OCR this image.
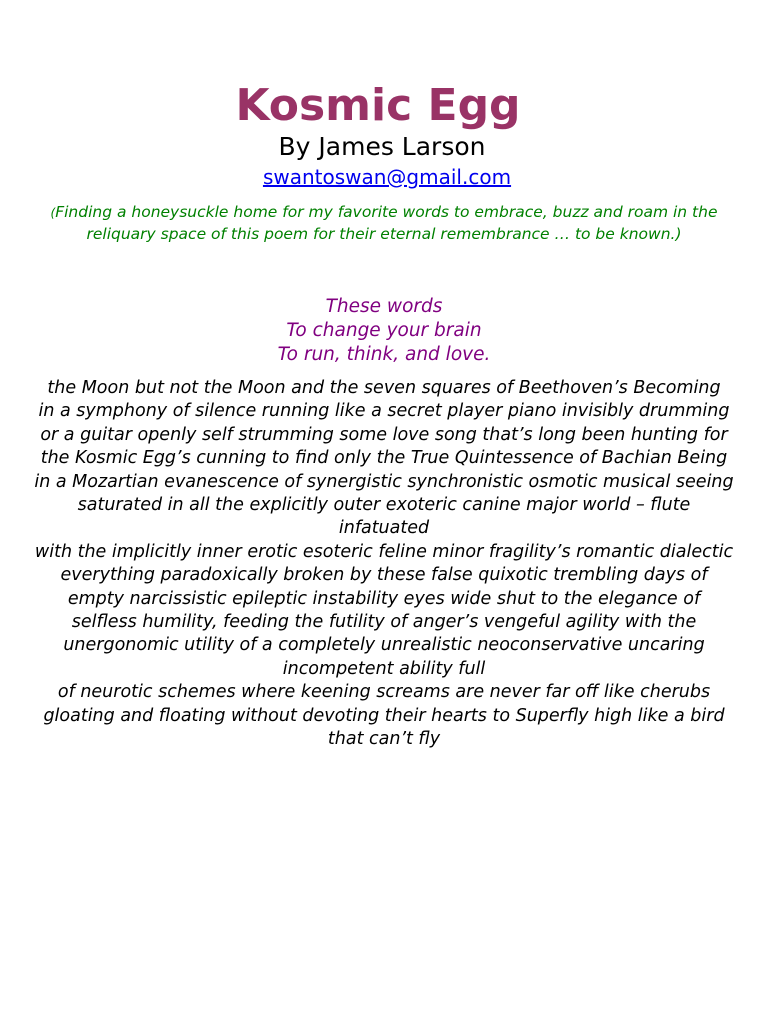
Kosmic Egg
By James Larson
swantoswan@gmail.com
(Finding a honeysuckle home for my favorite words to embrace, buzz and roam in the reliquary space of this poem for their eternal remembrance … to be known.)
These words
To change your brain
To run, think, and love.
the Moon but not the Moon and the seven squares of Beethoven’s Becoming
in a symphony of silence running like a secret player piano invisibly drumming
or a guitar openly self strumming some love song that’s long been hunting for
the Kosmic Egg’s cunning to find only the True Quintessence of Bachian Being
in a Mozartian evanescence of synergistic synchronistic osmotic musical seeing
saturated in all the explicitly outer exoteric canine major world – flute infatuated
with the implicitly inner erotic esoteric feline minor fragility’s romantic dialectic
everything paradoxically broken by these false quixotic trembling days of empty narcissistic epileptic instability eyes wide shut to the elegance of selfless humility, feeding the futility of anger’s vengeful agility with the unergonomic utility of a completely unrealistic neoconservative uncaring incompetent ability full
of neurotic schemes where keening screams are never far off like cherubs gloating and floating without devoting their hearts to Superfly high like a bird that can’t fly
